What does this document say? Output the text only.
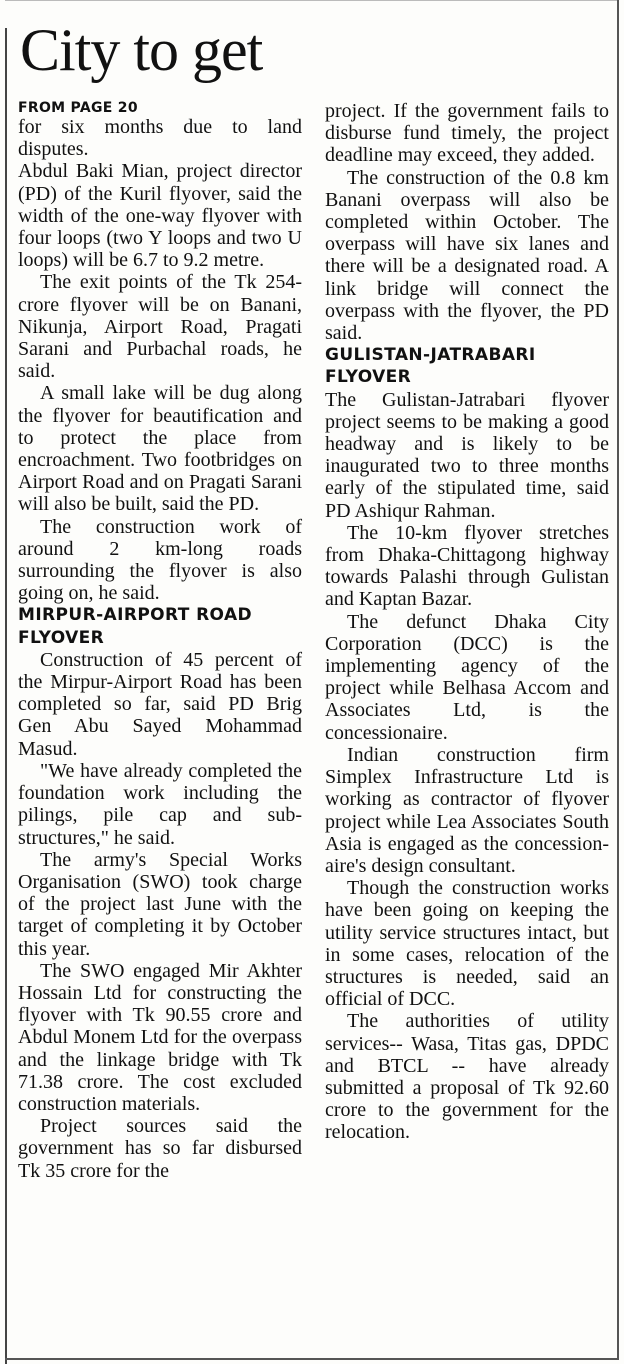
City to get

FROM PAGE 20

for six months due to land disputes.

Abdul Baki Mian, project director (PD) of the Kuril flyover, said the width of the one-way flyover with four loops (two Y loops and two U loops) will be 6.7 to 9.2 metre.

The exit points of the Tk 254-crore flyover will be on Banani, Nikunja, Airport Road, Pragati Sarani and Purbachal roads, he said.

A small lake will be dug along the flyover for beautification and to protect the place from encroachment. Two footbridges on Airport Road and on Pragati Sarani will also be built, said the PD.

The construction work of around 2 km-long roads surrounding the flyover is also going on, he said.

MIRPUR-AIRPORT ROAD FLYOVER

Construction of 45 percent of the Mirpur-Airport Road has been completed so far, said PD Brig Gen Abu Sayed Mohammad Masud.

"We have already completed the foundation work including the pilings, pile cap and sub-structures," he said.

The army's Special Works Organisation (SWO) took charge of the project last June with the target of completing it by October this year.

The SWO engaged Mir Akhter Hossain Ltd for constructing the flyover with Tk 90.55 crore and Abdul Monem Ltd for the overpass and the linkage bridge with Tk 71.38 crore. The cost excluded construction materials.

Project sources said the government has so far disbursed Tk 35 crore for the

project. If the government fails to disburse fund timely, the project deadline may exceed, they added.

The construction of the 0.8 km Banani overpass will also be completed within October. The overpass will have six lanes and there will be a designated road. A link bridge will connect the overpass with the flyover, the PD said.

GULISTAN-JATRABARI FLYOVER

The Gulistan-Jatrabari flyover project seems to be making a good headway and is likely to be inaugurated two to three months early of the stipulated time, said PD Ashiqur Rahman.

The 10-km flyover stretches from Dhaka-Chittagong highway towards Palashi through Gulistan and Kaptan Bazar.

The defunct Dhaka City Corporation (DCC) is the implementing agency of the project while Belhasa Accom and Associates Ltd, is the concessionaire.

Indian construction firm Simplex Infrastructure Ltd is working as contractor of flyover project while Lea Associates South Asia is engaged as the concessionaire's design consultant.

Though the construction works have been going on keeping the utility service structures intact, but in some cases, relocation of the structures is needed, said an official of DCC.

The authorities of utility services-- Wasa, Titas gas, DPDC and BTCL -- have already submitted a proposal of Tk 92.60 crore to the government for the relocation.
